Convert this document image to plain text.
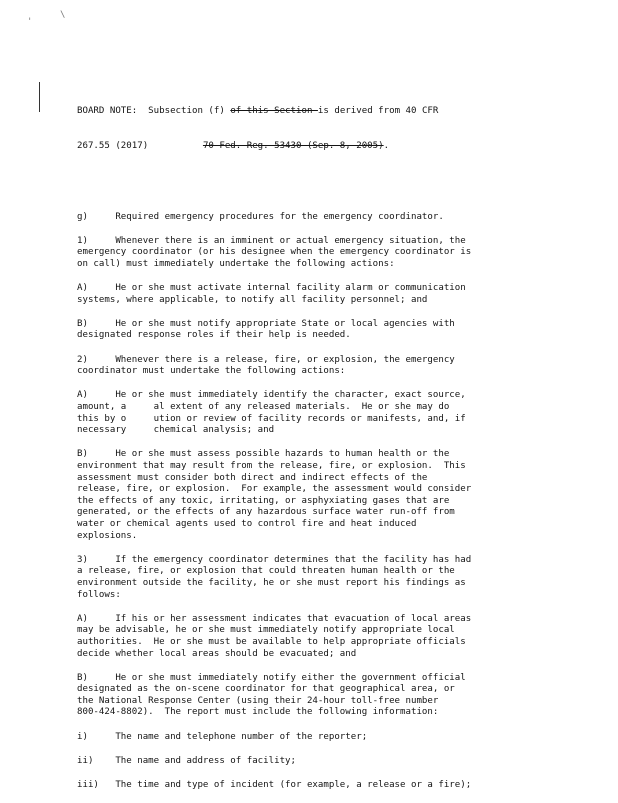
'
\

BOARD NOTE:  Subsection (f) of this Section is derived from 40 CFR

267.55 (2017)	70 Fed. Reg. 53430 (Sep. 8, 2005).

g)     Required emergency procedures for the emergency coordinator.
1)     Whenever there is an imminent or actual emergency situation, the
emergency coordinator (or his designee when the emergency coordinator is
on call) must immediately undertake the following actions:
A)     He or she must activate internal facility alarm or communication
systems, where applicable, to notify all facility personnel; and
B)     He or she must notify appropriate State or local agencies with
designated response roles if their help is needed.
2)     Whenever there is a release, fire, or explosion, the emergency
coordinator must undertake the following actions:
A)     He or she must immediately identify the character, exact source,
amount, a     al extent of any released materials.  He or she may do
this by o     ution or review of facility records or manifests, and, if
necessary     chemical analysis; and
B)     He or she must assess possible hazards to human health or the
environment that may result from the release, fire, or explosion.  This
assessment must consider both direct and indirect effects of the
release, fire, or explosion.  For example, the assessment would consider
the effects of any toxic, irritating, or asphyxiating gases that are
generated, or the effects of any hazardous surface water run-off from
water or chemical agents used to control fire and heat induced
explosions.
3)     If the emergency coordinator determines that the facility has had
a release, fire, or explosion that could threaten human health or the
environment outside the facility, he or she must report his findings as
follows:
A)     If his or her assessment indicates that evacuation of local areas
may be advisable, he or she must immediately notify appropriate local
authorities.  He or she must be available to help appropriate officials
decide whether local areas should be evacuated; and
B)     He or she must immediately notify either the government official
designated as the on-scene coordinator for that geographical area, or
the National Response Center (using their 24-hour toll-free number
800-424-8802).  The report must include the following information:
i)     The name and telephone number of the reporter;
ii)    The name and address of facility;
iii)   The time and type of incident (for example, a release or a fire);
